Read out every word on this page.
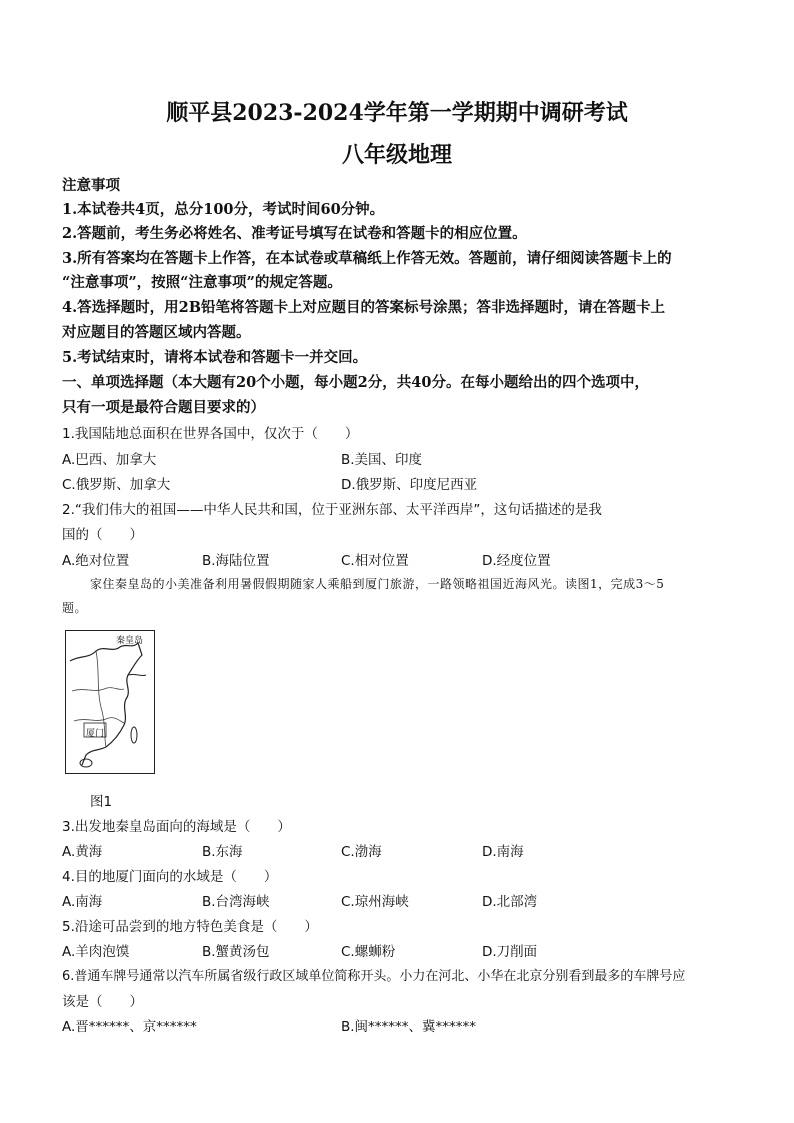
顺平县2023-2024学年第一学期期中调研考试
八年级地理
注意事项
1.本试卷共4页，总分100分，考试时间60分钟。
2.答题前，考生务必将姓名、准考证号填写在试卷和答题卡的相应位置。
3.所有答案均在答题卡上作答，在本试卷或草稿纸上作答无效。答题前，请仔细阅读答题卡上的
“注意事项”，按照“注意事项”的规定答题。
4.答选择题时，用2B铅笔将答题卡上对应题目的答案标号涂黑；答非选择题时，请在答题卡上
对应题目的答题区域内答题。
5.考试结束时，请将本试卷和答题卡一并交回。
一、单项选择题（本大题有20个小题，每小题2分，共40分。在每小题给出的四个选项中，
只有一项是最符合题目要求的）
1.我国陆地总面积在世界各国中，仅次于（　　）
A.巴西、加拿大	B.美国、印度
C.俄罗斯、加拿大	D.俄罗斯、印度尼西亚
2.“我们伟大的祖国——中华人民共和国，位于亚洲东部、太平洋西岸”，这句话描述的是我
国的（　　）
A.绝对位置	B.海陆位置	C.相对位置	D.经度位置
家住秦皇岛的小美准备利用暑假假期随家人乘船到厦门旅游，一路领略祖国近海风光。读图1，完成3～5
题。
秦皇岛
厦门
图1
3.出发地秦皇岛面向的海域是（　　）
A.黄海	B.东海	C.渤海	D.南海
4.目的地厦门面向的水域是（　　）
A.南海	B.台湾海峡	C.琼州海峡	D.北部湾
5.沿途可品尝到的地方特色美食是（　　）
A.羊肉泡馍	B.蟹黄汤包	C.螺蛳粉	D.刀削面
6.普通车牌号通常以汽车所属省级行政区域单位简称开头。小力在河北、小华在北京分别看到最多的车牌号应
该是（　　）
A.晋******、京******	B.闽******、冀******
